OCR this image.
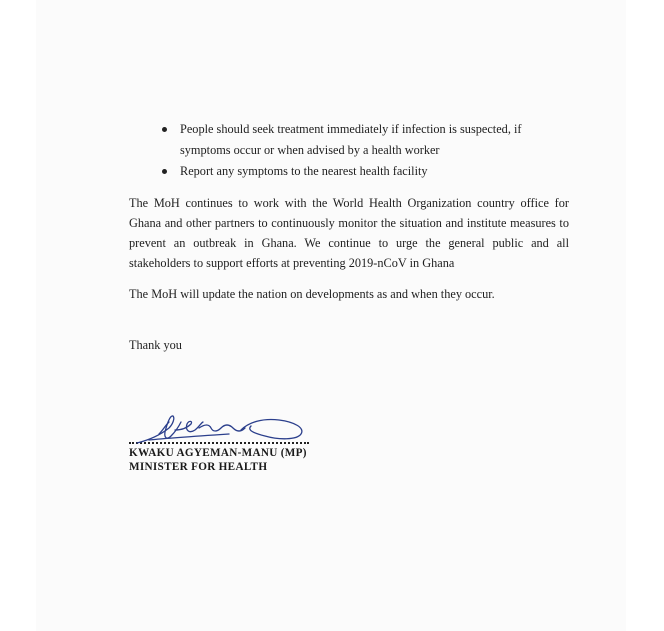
People should seek treatment immediately if infection is suspected, if symptoms occur or when advised by a health worker
Report any symptoms to the nearest health facility

The MoH continues to work with the World Health Organization country office for Ghana and other partners to continuously monitor the situation and institute measures to prevent an outbreak in Ghana. We continue to urge the general public and all stakeholders to support efforts at preventing 2019-nCoV in Ghana

The MoH will update the nation on developments as and when they occur.

Thank you
KWAKU AGYEMAN-MANU (MP)
MINISTER FOR HEALTH
